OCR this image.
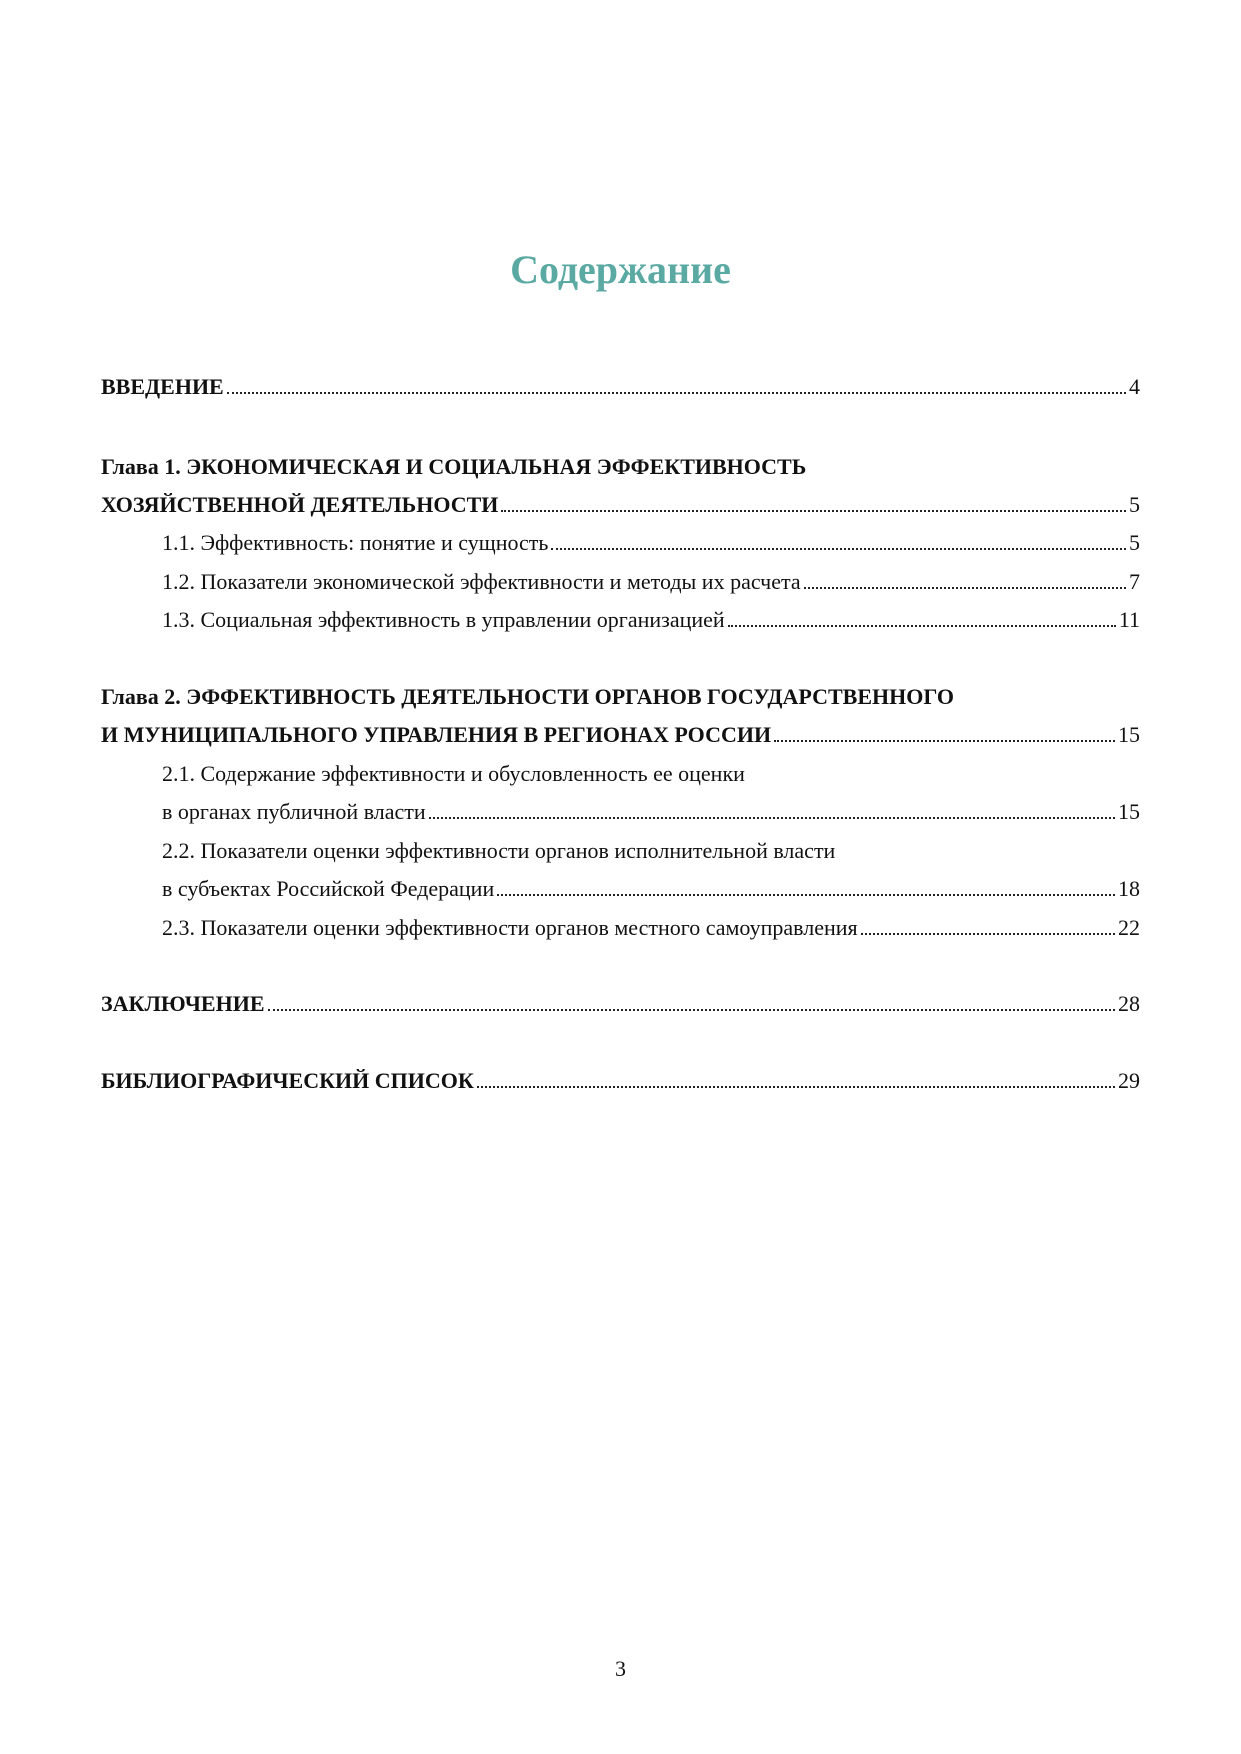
Содержание
ВВЕДЕНИЕ	4
Глава 1. ЭКОНОМИЧЕСКАЯ И СОЦИАЛЬНАЯ ЭФФЕКТИВНОСТЬ
ХОЗЯЙСТВЕННОЙ ДЕЯТЕЛЬНОСТИ	5
1.1. Эффективность: понятие и сущность	5
1.2. Показатели экономической эффективности и методы их расчета	7
1.3. Социальная эффективность в управлении организацией	11
Глава 2. ЭФФЕКТИВНОСТЬ ДЕЯТЕЛЬНОСТИ ОРГАНОВ ГОСУДАРСТВЕННОГО
И МУНИЦИПАЛЬНОГО УПРАВЛЕНИЯ В РЕГИОНАХ РОССИИ	15
2.1. Содержание эффективности и обусловленность ее оценки
в органах публичной власти	15
2.2. Показатели оценки эффективности органов исполнительной власти
в субъектах Российской Федерации	18
2.3. Показатели оценки эффективности органов местного самоуправления	22
ЗАКЛЮЧЕНИЕ	28
БИБЛИОГРАФИЧЕСКИЙ СПИСОК	29
3
